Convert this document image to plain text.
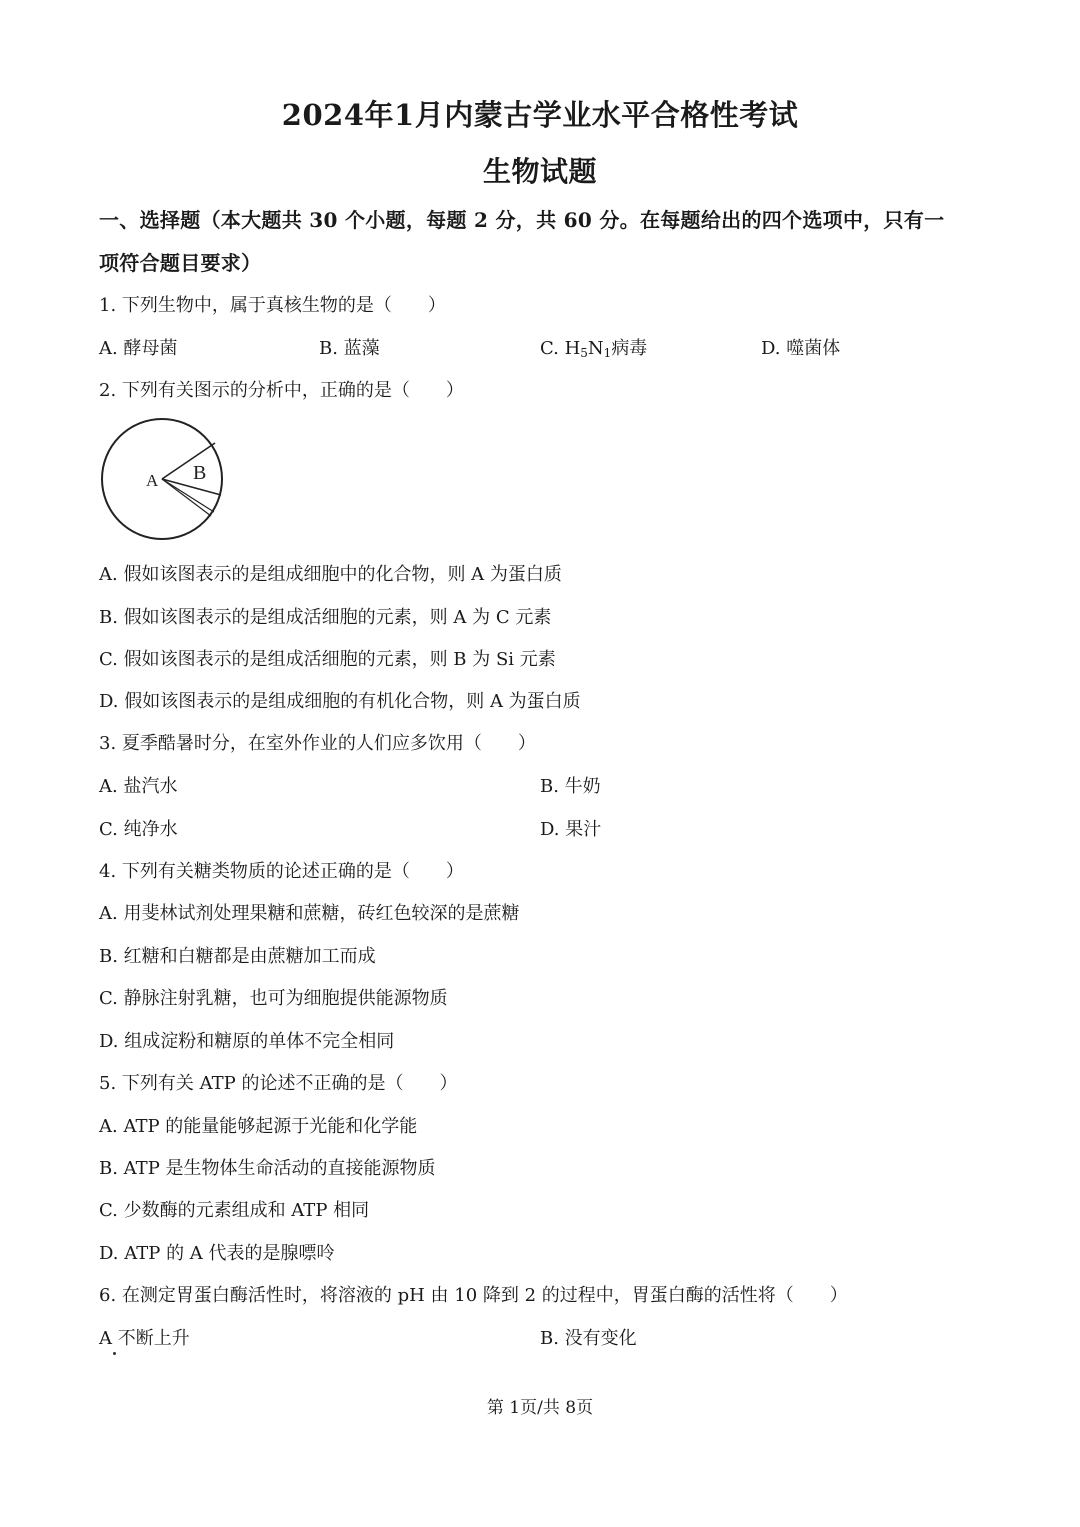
2024年1月内蒙古学业水平合格性考试
生物试题
一、选择题（本大题共 30 个小题，每题 2 分，共 60 分。在每题给出的四个选项中，只有一
项符合题目要求）
1. 下列生物中，属于真核生物的是（　　）
A. 酵母菌	B. 蓝藻	C. $H_5N_1$病毒	D. 噬菌体
2. 下列有关图示的分析中，正确的是（　　）
A B
A. 假如该图表示的是组成细胞中的化合物，则 A 为蛋白质
B. 假如该图表示的是组成活细胞的元素，则 A 为 C 元素
C. 假如该图表示的是组成活细胞的元素，则 B 为 Si 元素
D. 假如该图表示的是组成细胞的有机化合物，则 A 为蛋白质
3. 夏季酷暑时分，在室外作业的人们应多饮用（　　）
A. 盐汽水	B. 牛奶
C. 纯净水	D. 果汁
4. 下列有关糖类物质的论述正确的是（　　）
A. 用斐林试剂处理果糖和蔗糖，砖红色较深的是蔗糖
B. 红糖和白糖都是由蔗糖加工而成
C. 静脉注射乳糖，也可为细胞提供能源物质
D. 组成淀粉和糖原的单体不完全相同
5. 下列有关 ATP 的论述不正确的是（　　）
A. ATP 的能量能够起源于光能和化学能
B. ATP 是生物体生命活动的直接能源物质
C. 少数酶的元素组成和 ATP 相同
D. ATP 的 A 代表的是腺嘌呤
6. 在测定胃蛋白酶活性时，将溶液的 pH 由 10 降到 2 的过程中，胃蛋白酶的活性将（　　）
A 不断上升	B. 没有变化
第 1页/共 8页
